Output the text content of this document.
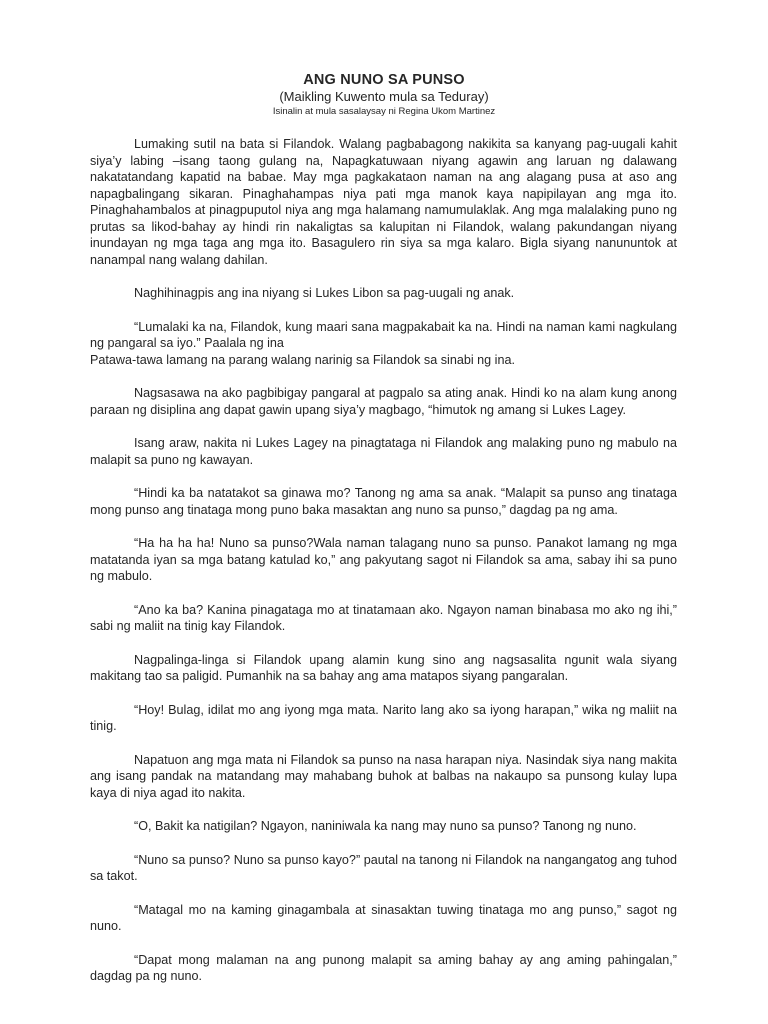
ANG NUNO SA PUNSO

(Maikling Kuwento mula sa Teduray)

Isinalin at mula sasalaysay ni Regina Ukom Martinez

Lumaking sutil na bata si Filandok. Walang pagbabagong nakikita sa kanyang pag-uugali kahit siya’y labing –isang taong gulang na, Napagkatuwaan niyang agawin ang laruan ng dalawang nakatatandang kapatid na babae. May mga pagkakataon naman na ang alagang pusa at aso ang napagbalingang sikaran. Pinaghahampas niya pati mga manok kaya napipilayan ang mga ito. Pinaghahambalos at pinagpuputol niya ang mga halamang namumulaklak. Ang mga malalaking puno ng prutas sa likod-bahay ay hindi rin nakaligtas sa kalupitan ni Filandok, walang pakundangan niyang inundayan ng mga taga ang mga ito. Basagulero rin siya sa mga kalaro. Bigla siyang nanununtok at nanampal nang walang dahilan.

Naghihinagpis ang ina niyang si Lukes Libon sa pag-uugali ng anak.

“Lumalaki ka na, Filandok, kung maari sana magpakabait ka na. Hindi na naman kami nagkulang ng pangaral sa iyo.” Paalala ng ina

Patawa-tawa lamang na parang walang narinig sa Filandok sa sinabi ng ina.

Nagsasawa na ako pagbibigay pangaral at pagpalo sa ating anak. Hindi ko na alam kung anong paraan ng disiplina ang dapat gawin upang siya’y magbago, “himutok ng amang si Lukes Lagey.

Isang araw, nakita ni Lukes Lagey na pinagtataga ni Filandok ang malaking puno ng mabulo na malapit sa puno ng kawayan.

“Hindi ka ba natatakot sa ginawa mo? Tanong ng ama sa anak. “Malapit sa punso ang tinataga mong punso ang tinataga mong puno baka masaktan ang nuno sa punso,” dagdag pa ng ama.

“Ha ha ha ha! Nuno sa punso?Wala naman talagang nuno sa punso. Panakot lamang ng mga matatanda iyan sa mga batang katulad ko,” ang pakyutang sagot ni Filandok sa ama, sabay ihi sa puno ng mabulo.

“Ano ka ba? Kanina pinagataga mo at tinatamaan ako. Ngayon naman binabasa mo ako ng ihi,” sabi ng maliit na tinig kay Filandok.

Nagpalinga-linga si Filandok upang alamin kung sino ang nagsasalita ngunit wala siyang makitang tao sa paligid. Pumanhik na sa bahay ang ama matapos siyang pangaralan.

“Hoy! Bulag, idilat mo ang iyong mga mata. Narito lang ako sa iyong harapan,” wika ng maliit na tinig.

Napatuon ang mga mata ni Filandok sa punso na nasa harapan niya. Nasindak siya nang makita ang isang pandak na matandang may mahabang buhok at balbas na nakaupo sa punsong kulay lupa kaya di niya agad ito nakita.

“O, Bakit ka natigilan? Ngayon, naniniwala ka nang may nuno sa punso? Tanong ng nuno.

“Nuno sa punso? Nuno sa punso kayo?” pautal na tanong ni Filandok na nangangatog ang tuhod sa takot.

“Matagal mo na kaming ginagambala at sinasaktan tuwing tinataga mo ang punso,” sagot ng nuno.

“Dapat mong malaman na ang punong malapit sa aming bahay ay ang aming pahingalan,” dagdag pa ng nuno.
